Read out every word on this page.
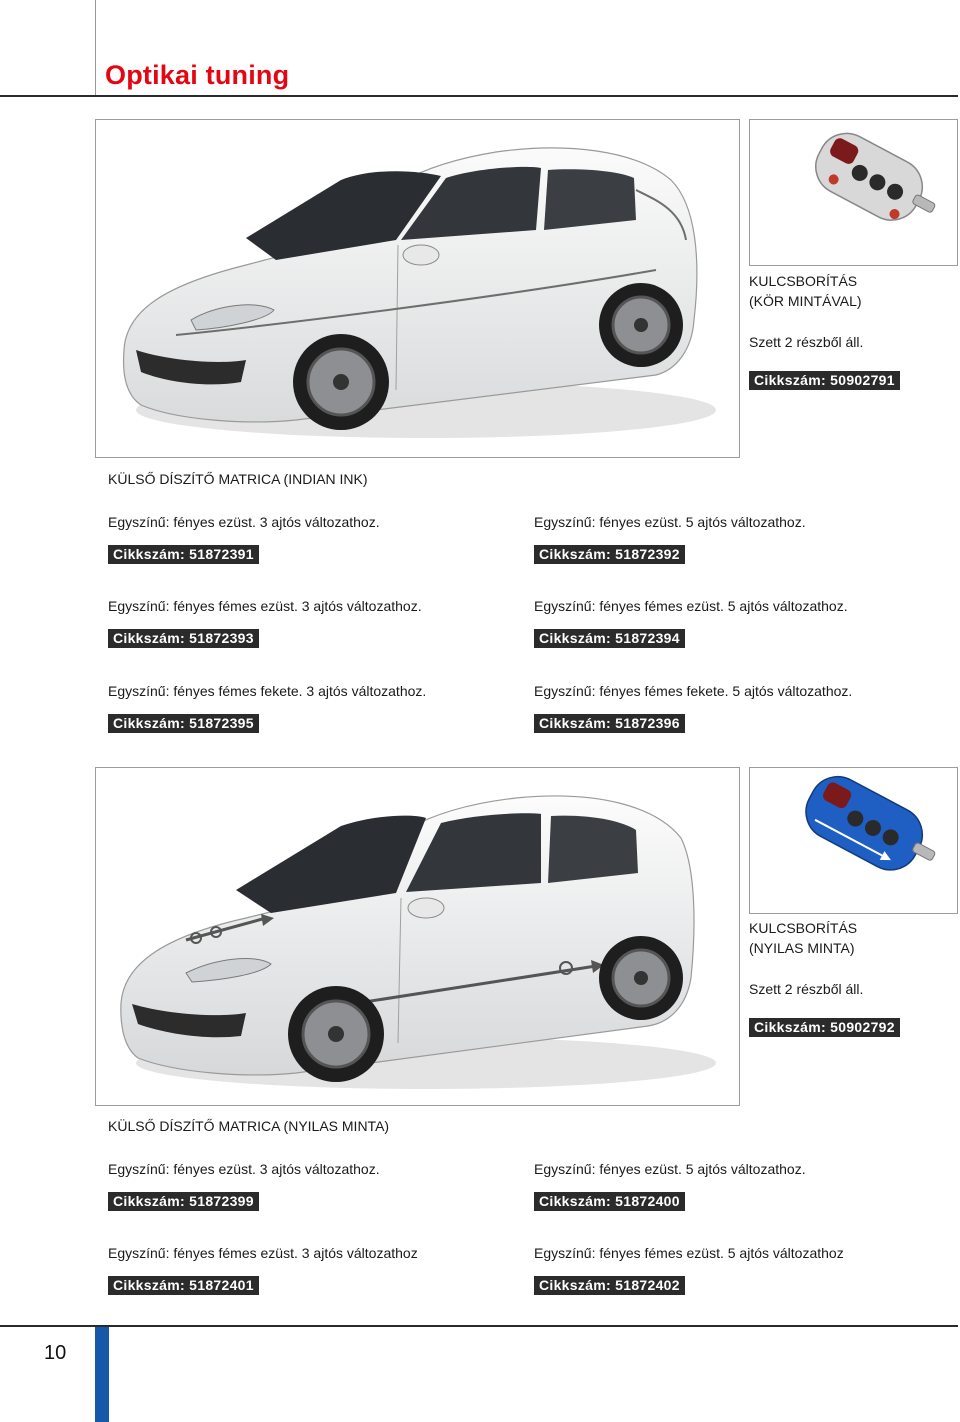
Optikai tuning
KULCSBORÍTÁS
(KÖR MINTÁVAL)
Szett 2 részből áll.
Cikkszám: 50902791
KÜLSŐ DÍSZÍTŐ MATRICA (INDIAN INK)
Egyszínű: fényes ezüst. 3 ajtós változathoz.
Cikkszám: 51872391
Egyszínű: fényes ezüst. 5 ajtós változathoz.
Cikkszám: 51872392
Egyszínű: fényes fémes ezüst. 3 ajtós változathoz.
Cikkszám: 51872393
Egyszínű: fényes fémes ezüst. 5 ajtós változathoz.
Cikkszám: 51872394
Egyszínű: fényes fémes fekete. 3 ajtós változathoz.
Cikkszám: 51872395
Egyszínű: fényes fémes fekete. 5 ajtós változathoz.
Cikkszám: 51872396
KULCSBORÍTÁS
(NYILAS MINTA)
Szett 2 részből áll.
Cikkszám: 50902792
KÜLSŐ DÍSZÍTŐ MATRICA (NYILAS MINTA)
Egyszínű: fényes ezüst. 3 ajtós változathoz.
Cikkszám: 51872399
Egyszínű: fényes ezüst. 5 ajtós változathoz.
Cikkszám: 51872400
Egyszínű: fényes fémes ezüst. 3 ajtós változathoz
Cikkszám: 51872401
Egyszínű: fényes fémes ezüst. 5 ajtós változathoz
Cikkszám: 51872402
10
